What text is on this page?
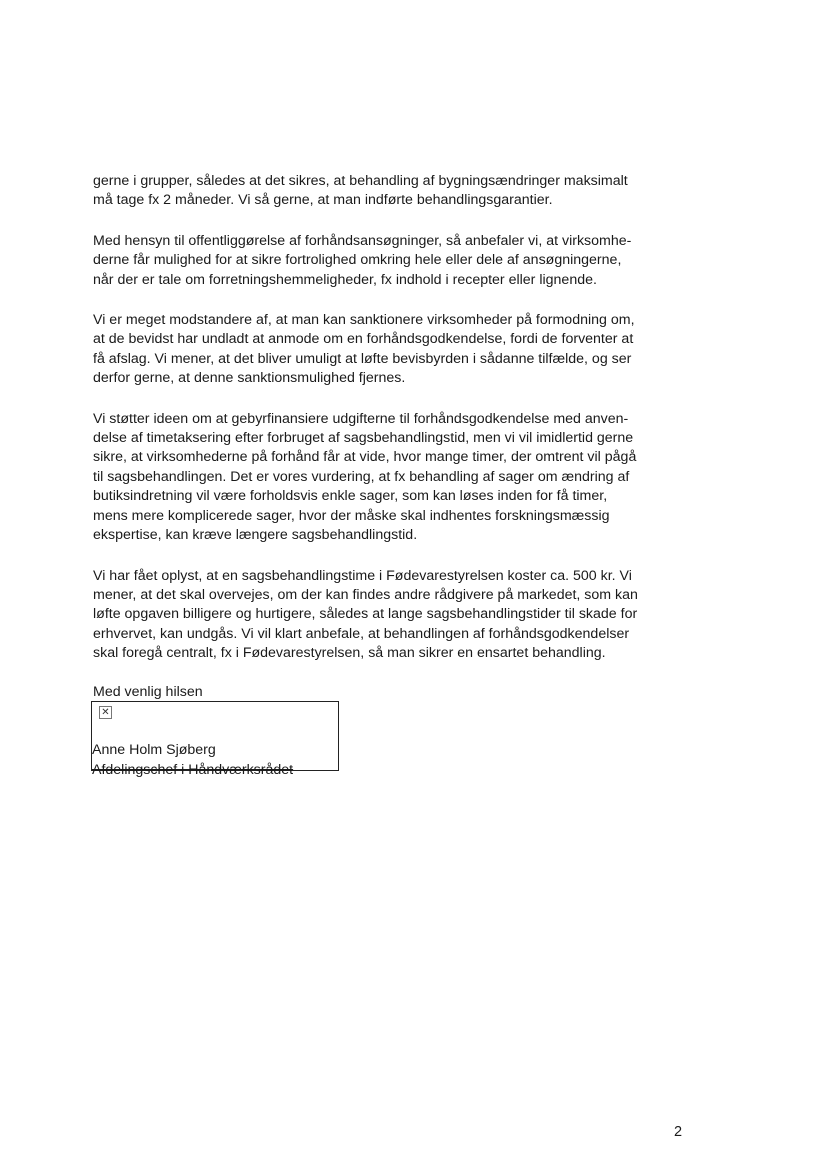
gerne i grupper, således at det sikres, at behandling af bygningsændringer maksimalt
må tage fx 2 måneder. Vi så gerne, at man indførte behandlingsgarantier.

Med hensyn til offentliggørelse af forhåndsansøgninger, så anbefaler vi, at virksomhe-
derne får mulighed for at sikre fortrolighed omkring hele eller dele af ansøgningerne,
når der er tale om forretningshemmeligheder, fx indhold i recepter eller lignende.

Vi er meget modstandere af, at man kan sanktionere virksomheder på formodning om,
at de bevidst har undladt at anmode om en forhåndsgodkendelse, fordi de forventer at
få afslag. Vi mener, at det bliver umuligt at løfte bevisbyrden i sådanne tilfælde, og ser
derfor gerne, at denne sanktionsmulighed fjernes.

Vi støtter ideen om at gebyrfinansiere udgifterne til forhåndsgodkendelse med anven-
delse af timetaksering efter forbruget af sagsbehandlingstid, men vi vil imidlertid gerne
sikre, at virksomhederne på forhånd får at vide, hvor mange timer, der omtrent vil pågå
til sagsbehandlingen. Det er vores vurdering, at fx behandling af sager om ændring af
butiksindretning vil være forholdsvis enkle sager, som kan løses inden for få timer,
mens mere komplicerede sager, hvor der måske skal indhentes forskningsmæssig
ekspertise, kan kræve længere sagsbehandlingstid.

Vi har fået oplyst, at en sagsbehandlingstime i Fødevarestyrelsen koster ca. 500 kr. Vi
mener, at det skal overvejes, om der kan findes andre rådgivere på markedet, som kan
løfte opgaven billigere og hurtigere, således at lange sagsbehandlingstider til skade for
erhvervet, kan undgås. Vi vil klart anbefale, at behandlingen af forhåndsgodkendelser
skal foregå centralt, fx i Fødevarestyrelsen, så man sikrer en ensartet behandling.

Med venlig hilsen
✕
Anne Holm Sjøberg
Afdelingschef i Håndværksrådet
2
